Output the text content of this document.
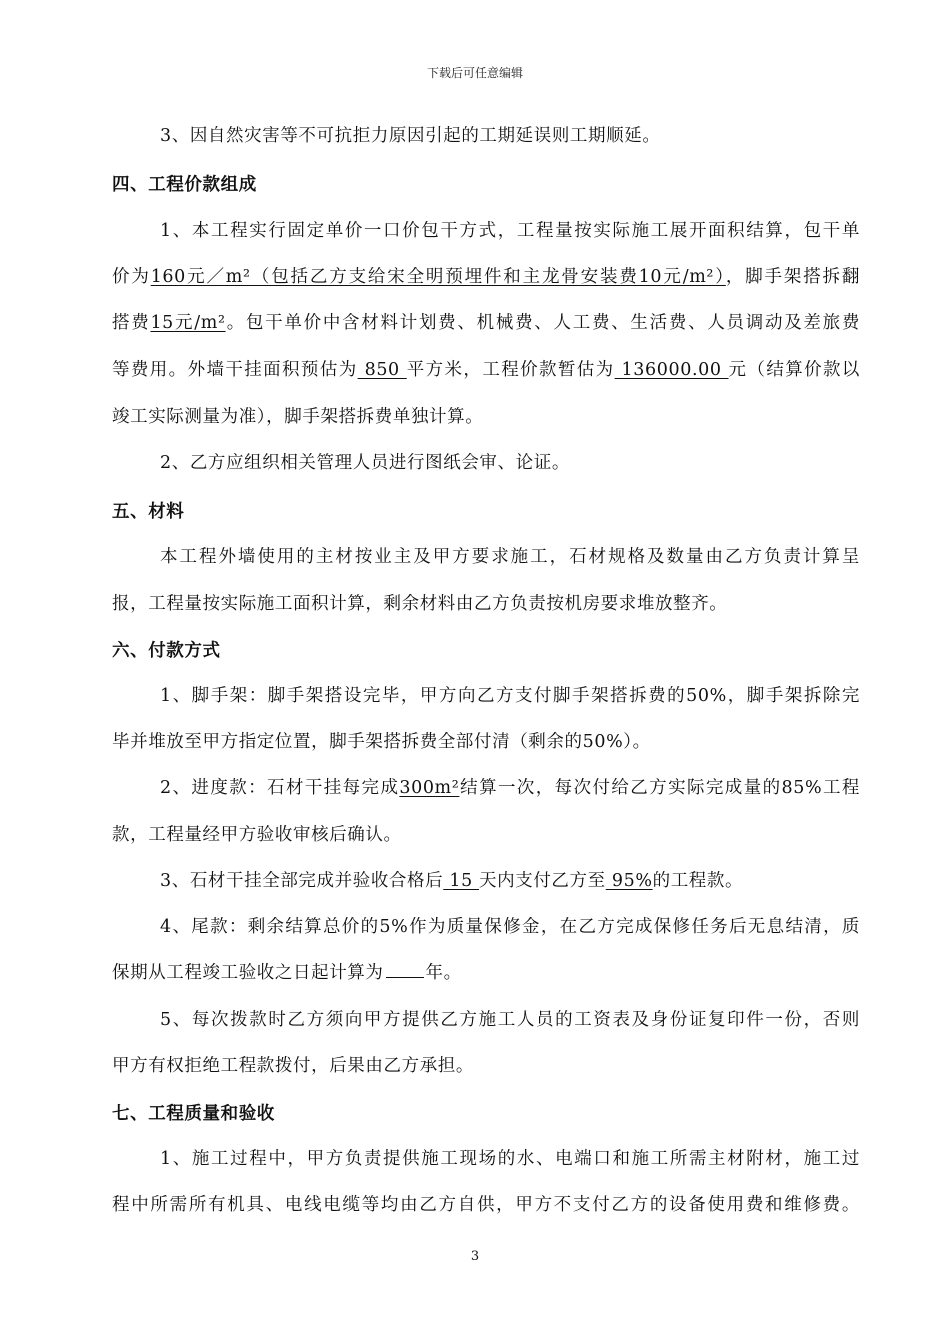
下载后可任意编辑
3、因自然灾害等不可抗拒力原因引起的工期延误则工期顺延。
四、工程价款组成
1、本工程实行固定单价一口价包干方式，工程量按实际施工展开面积结算，包干单
价为160元／m²（包括乙方支给宋全明预埋件和主龙骨安装费10元/m²），脚手架搭拆翻
搭费15元/m²。包干单价中含材料计划费、机械费、人工费、生活费、人员调动及差旅费
等费用。外墙干挂面积预估为 850 平方米，工程价款暂估为 136000.00 元（结算价款以
竣工实际测量为准），脚手架搭拆费单独计算。
2、乙方应组织相关管理人员进行图纸会审、论证。
五、材料
本工程外墙使用的主材按业主及甲方要求施工，石材规格及数量由乙方负责计算呈
报，工程量按实际施工面积计算，剩余材料由乙方负责按机房要求堆放整齐。
六、付款方式
1、脚手架：脚手架搭设完毕，甲方向乙方支付脚手架搭拆费的50%，脚手架拆除完
毕并堆放至甲方指定位置，脚手架搭拆费全部付清（剩余的50%）。
2、进度款：石材干挂每完成300m²结算一次，每次付给乙方实际完成量的85%工程
款，工程量经甲方验收审核后确认。
3、石材干挂全部完成并验收合格后 15 天内支付乙方至 95%的工程款。
4、尾款：剩余结算总价的5%作为质量保修金，在乙方完成保修任务后无息结清，质
保期从工程竣工验收之日起计算为 年。
5、每次拨款时乙方须向甲方提供乙方施工人员的工资表及身份证复印件一份，否则
甲方有权拒绝工程款拨付，后果由乙方承担。
七、工程质量和验收
1、施工过程中，甲方负责提供施工现场的水、电端口和施工所需主材附材，施工过
程中所需所有机具、电线电缆等均由乙方自供，甲方不支付乙方的设备使用费和维修费。
3
